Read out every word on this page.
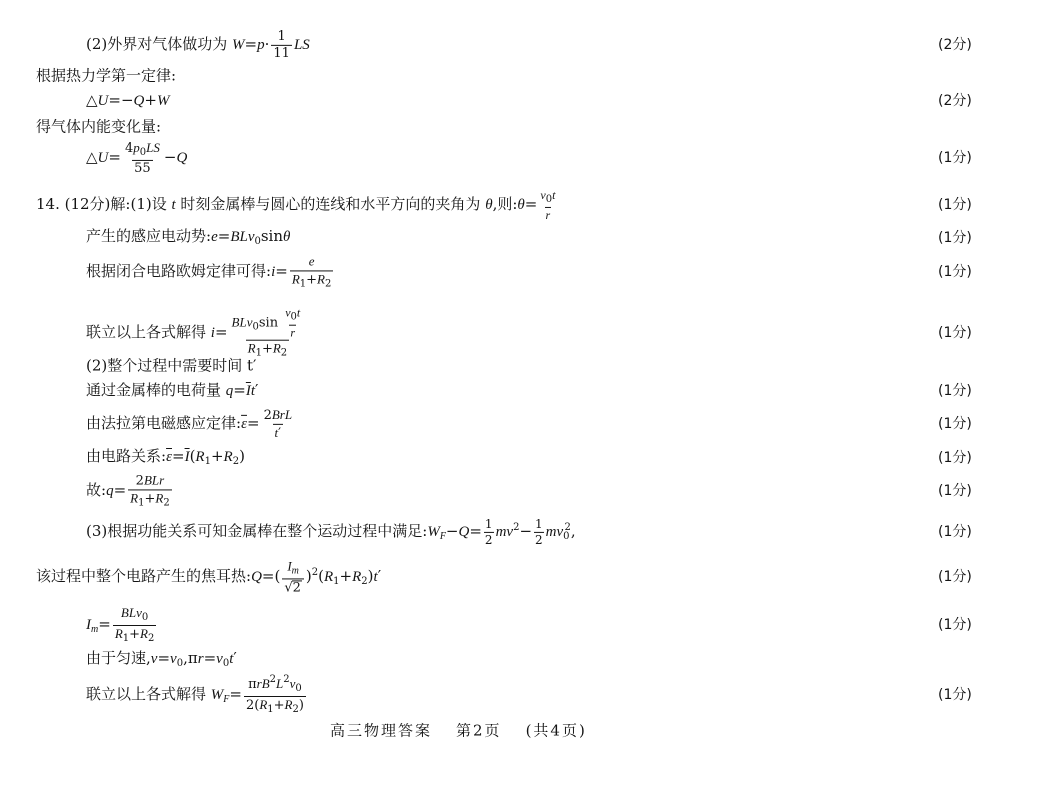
(2)外界对气体做功为 $W=p\cdot \frac{1}{11}$ LS	(2分)
根据热力学第一定律:
△U=−Q+W	(2分)
得气体内能变化量:
△U= $\frac{4p_0LS}{55} -Q$	(1分)
14. (12分)解:(1)设 t 时刻金属棒与圆心的连线和水平方向的夹角为 θ,则:θ= $\frac{v_0t}{r}$	(1分)
产生的感应电动势:e=BLv$_0$sinθ	(1分)
根据闭合电路欧姆定律可得:i= $\frac{e}{R_1+R_2}$	(1分)
联立以上各式解得 $i= \frac{BLv_0\sin \frac{v_0t}{r}}{R_1+R_2}$	(1分)
(2)整个过程中需要时间 t′
通过金属棒的电荷量 $q=\overline{I}t'$	(1分)
由法拉第电磁感应定律$:\overline{\varepsilon}= \frac{\text{2BrL}}{t'}$	(1分)
由电路关系$:\overline{\varepsilon}=\overline{I}(R_1+R_2)$	(1分)
故:q= $\frac{\text{2BLr}}{R_1+R_2}$	(1分)
(3)根据功能关系可知金属棒在整个运动过程中满足$:W_F-Q= \frac{1}{2} mv^2- \frac{1}{2} mv_0^2$,	(1分)
该过程中整个电路产生的焦耳热:Q=( $\frac{I_m}{√2} )^2(R_1+R_2)t'$	(1分)
$I_m= \frac{BLv_0}{R_1+R_2}$	(1分)
由于匀速$,v=v_0,\pi r=v_0t'$
联立以上各式解得 $W_F= \frac{\pi rB^2L^2v_0}{2(R_1+R_2)}$	(1分)
高三物理答案 第2页 (共4页)
